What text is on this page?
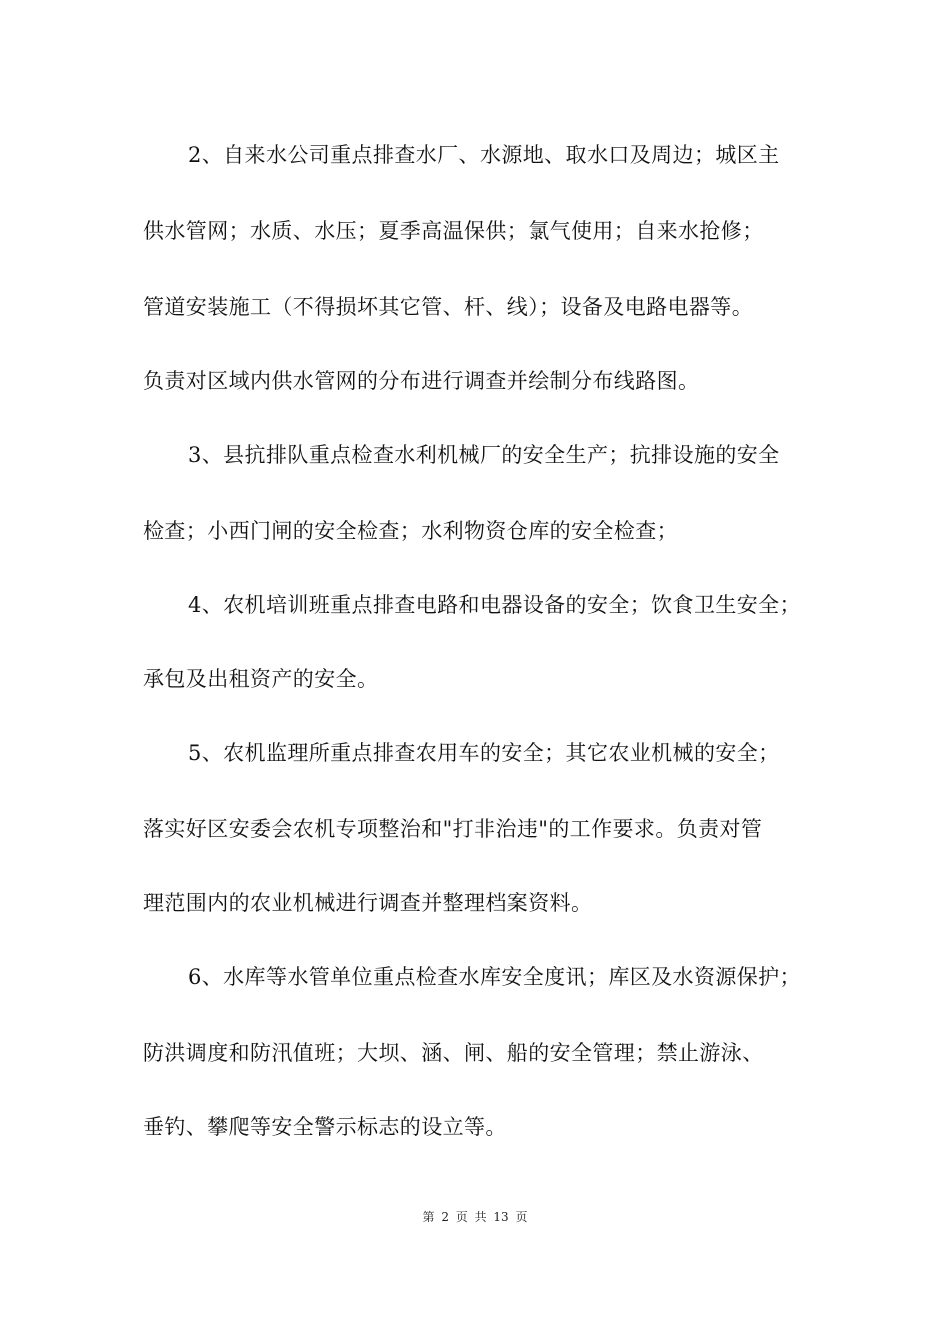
2、自来水公司重点排查水厂、水源地、取水口及周边；城区主
供水管网；水质、水压；夏季高温保供；氯气使用；自来水抢修；
管道安装施工（不得损坏其它管、杆、线）；设备及电路电器等。
负责对区域内供水管网的分布进行调查并绘制分布线路图。
3、县抗排队重点检查水利机械厂的安全生产；抗排设施的安全
检查；小西门闸的安全检查；水利物资仓库的安全检查；
4、农机培训班重点排查电路和电器设备的安全；饮食卫生安全；
承包及出租资产的安全。
5、农机监理所重点排查农用车的安全；其它农业机械的安全；
落实好区安委会农机专项整治和"打非治违"的工作要求。负责对管
理范围内的农业机械进行调查并整理档案资料。
6、水库等水管单位重点检查水库安全度讯；库区及水资源保护；
防洪调度和防汛值班；大坝、涵、闸、船的安全管理；禁止游泳、
垂钓、攀爬等安全警示标志的设立等。
第 2 页 共 13 页
